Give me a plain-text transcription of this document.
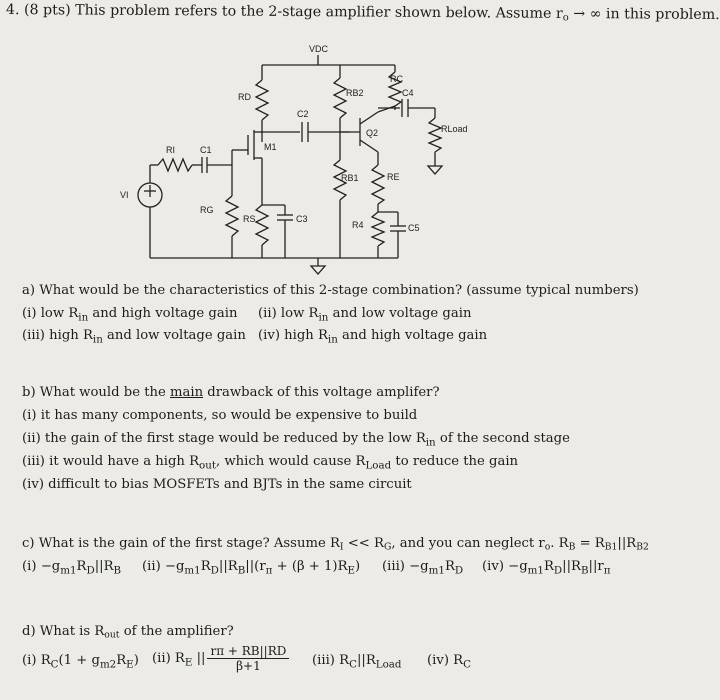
4. (8 pts) This problem refers to the 2-stage amplifier shown below. Assume $r_o$ → ∞ in this problem.
VDC
RD	RB2
RC
C4
C2
Q2	RLoad
M1
RI	C1
RB1	RE
VI
RG
RS	C3
R4	C5
a) What would be the characteristics of this 2-stage combination? (assume typical numbers)
(i) low $R_{in}$ and high voltage gain (ii) low $R_{in}$ and low voltage gain
(iii) high $R_{in}$ and low voltage gain (iv) high $R_{in}$ and high voltage gain
b) What would be the main drawback of this voltage amplifer?
(i) it has many components, so would be expensive to build
(ii) the gain of the first stage would be reduced by the low $R_{in}$ of the second stage
(iii) it would have a high $R_{out}$, which would cause $R_{Load}$ to reduce the gain
(iv) difficult to bias MOSFETs and BJTs in the same circuit
c) What is the gain of the first stage? Assume $R_I << R_G$, and you can neglect $r_o$. $R_B = R_{B1}||R_{B2}$
$(i) -g_{m1}R_D||R_B$ $(ii) -g_{m1}R_D||R_B||(r_\pi + (\beta + 1)R_E)$ $(iii) -g_{m1}R_D$ $(iv) -g_{m1}R_D||R_B||r_\pi$
d) What is $R_{out}$ of the amplifier?
(i) $R_C(1 + g_{m2}R_E)$ (ii) $R_E$ || $\frac{r\pi + RB||RD}{\beta+1} (iii)$ $R_C||R_{Load}$ (iv) $R_C$
